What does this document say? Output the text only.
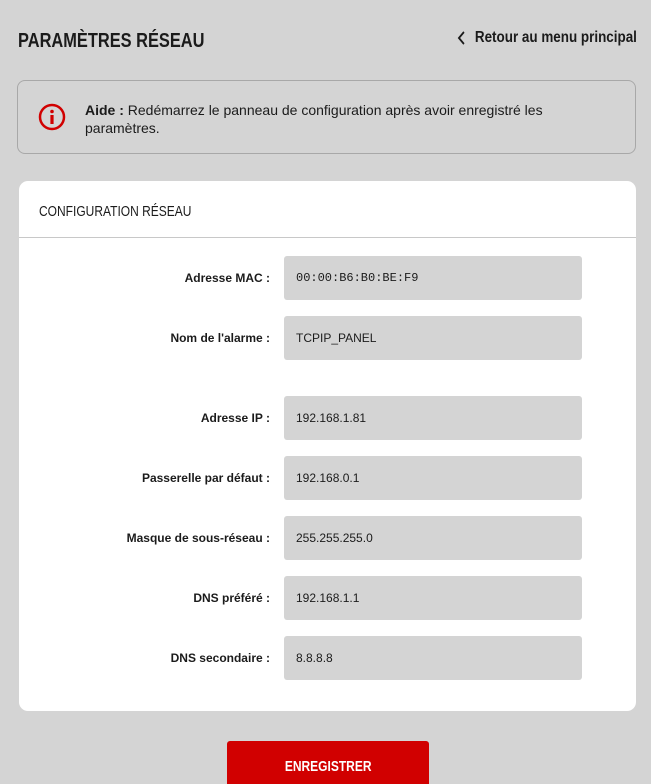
PARAMÈTRES RÉSEAU	Retour au menu principal
Aide : Redémarrez le panneau de configuration après avoir enregistré les paramètres.
CONFIGURATION RÉSEAU
Adresse MAC :
00:00:B6:B0:BE:F9
Nom de l'alarme :
TCPIP_PANEL
Adresse IP :
192.168.1.81
Passerelle par défaut :
192.168.0.1
Masque de sous-réseau :
255.255.255.0
DNS préféré :
192.168.1.1
DNS secondaire :
8.8.8.8
ENREGISTRER
